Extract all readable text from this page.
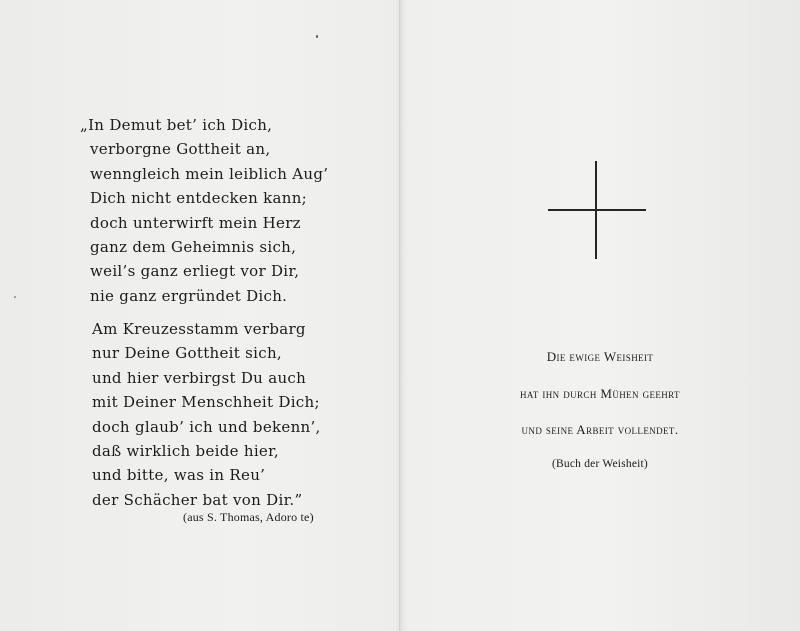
„In Demut bet’ ich Dich,
verborgne Gottheit an,
wenngleich mein leiblich Aug’
Dich nicht entdecken kann;
doch unterwirft mein Herz
ganz dem Geheimnis sich,
weil’s ganz erliegt vor Dir,
nie ganz ergründet Dich.
Am Kreuzesstamm verbarg
nur Deine Gottheit sich,
und hier verbirgst Du auch
mit Deiner Menschheit Dich;
doch glaub’ ich und bekenn’,
daß wirklich beide hier,
und bitte, was in Reu’
der Schächer bat von Dir.”
(aus S. Thomas, Adoro te)
Die ewige Weisheit
hat ihn durch Mühen geehrt
und seine Arbeit vollendet.
(Buch der Weisheit)
